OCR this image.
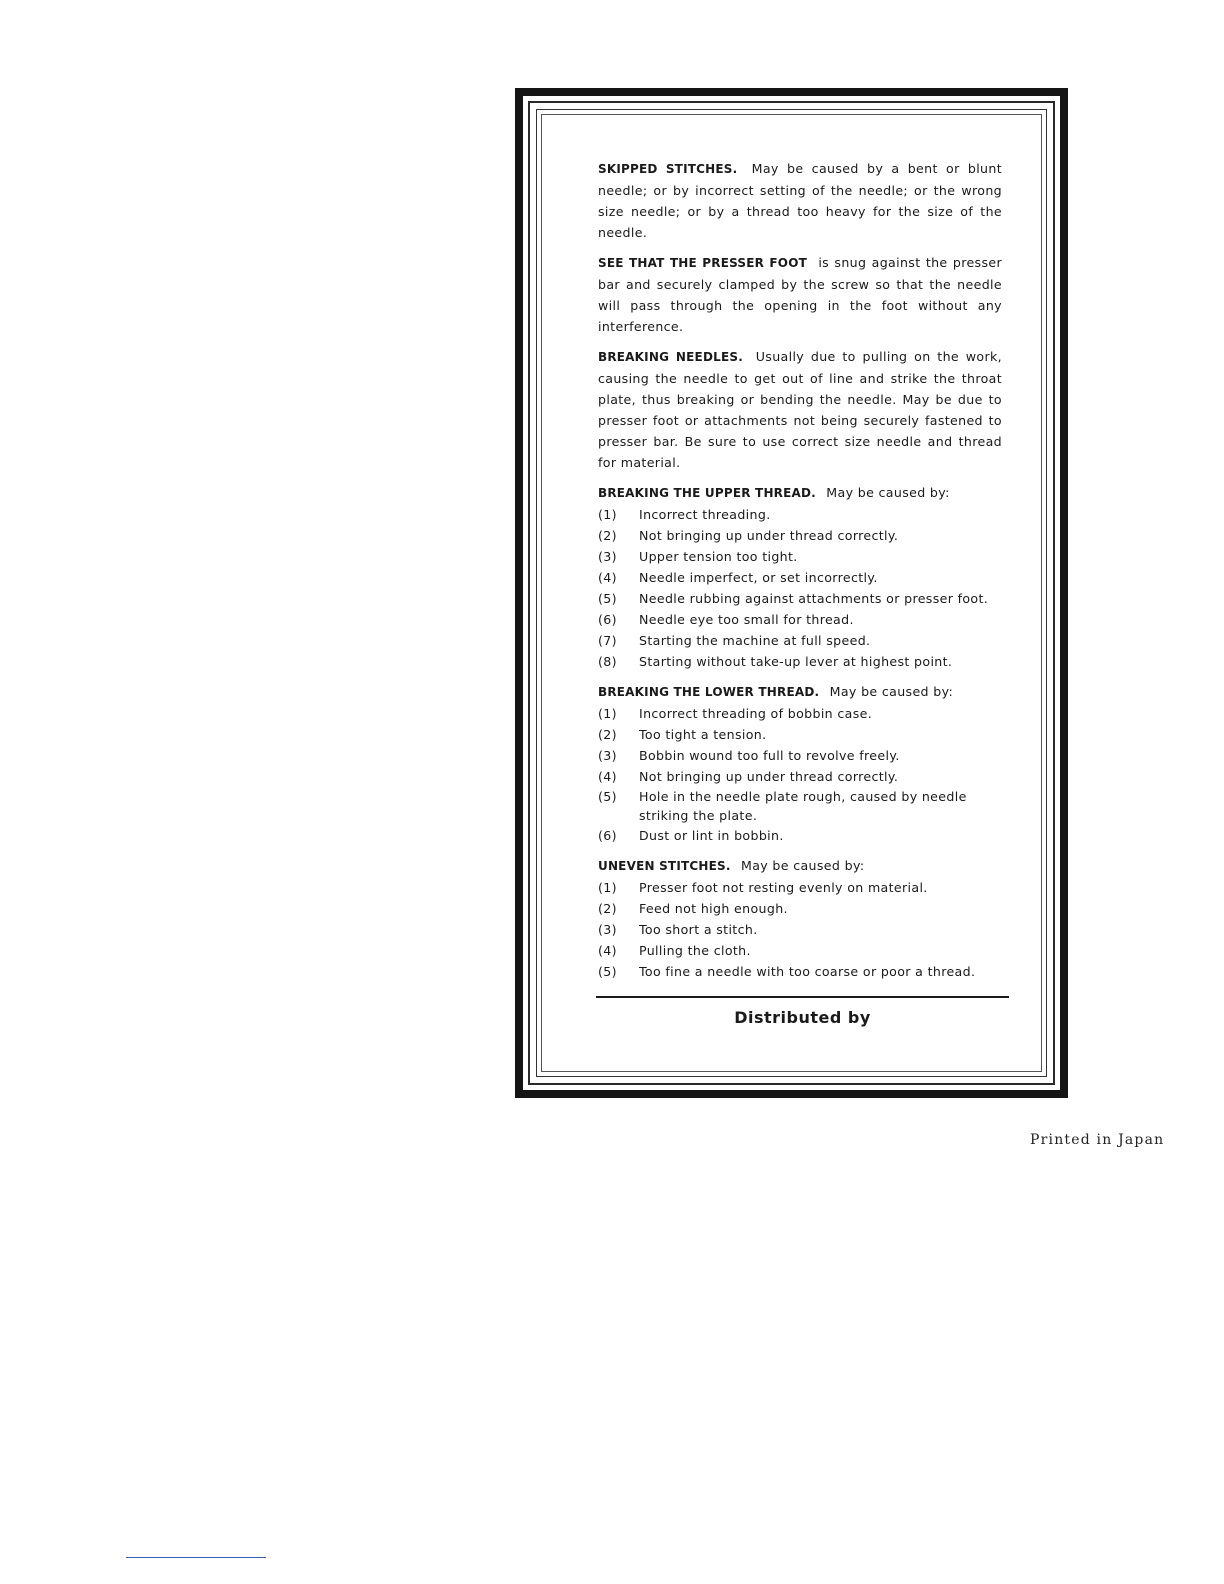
SKIPPED STITCHES. May be caused by a bent or blunt needle; or by incorrect setting of the needle; or the wrong size needle; or by a thread too heavy for the size of the needle.

SEE THAT THE PRESSER FOOT is snug against the presser bar and securely clamped by the screw so that the needle will pass through the opening in the foot without any interference.

BREAKING NEEDLES. Usually due to pulling on the work, causing the needle to get out of line and strike the throat plate, thus breaking or bending the needle. May be due to presser foot or attachments not being securely fastened to presser bar. Be sure to use correct size needle and thread for material.

BREAKING THE UPPER THREAD. May be caused by:
(1)	Incorrect threading.
(2)	Not bringing up under thread correctly.
(3)	Upper tension too tight.
(4)	Needle imperfect, or set incorrectly.
(5)	Needle rubbing against attachments or presser foot.
(6)	Needle eye too small for thread.
(7)	Starting the machine at full speed.
(8)	Starting without take-up lever at highest point.
BREAKING THE LOWER THREAD. May be caused by:
(1)	Incorrect threading of bobbin case.
(2)	Too tight a tension.
(3)	Bobbin wound too full to revolve freely.
(4)	Not bringing up under thread correctly.
(5)	Hole in the needle plate rough, caused by needle striking the plate.
(6)	Dust or lint in bobbin.
UNEVEN STITCHES. May be caused by:
(1)	Presser foot not resting evenly on material.
(2)	Feed not high enough.
(3)	Too short a stitch.
(4)	Pulling the cloth.
(5)	Too fine a needle with too coarse or poor a thread.
Distributed by
Printed in Japan
